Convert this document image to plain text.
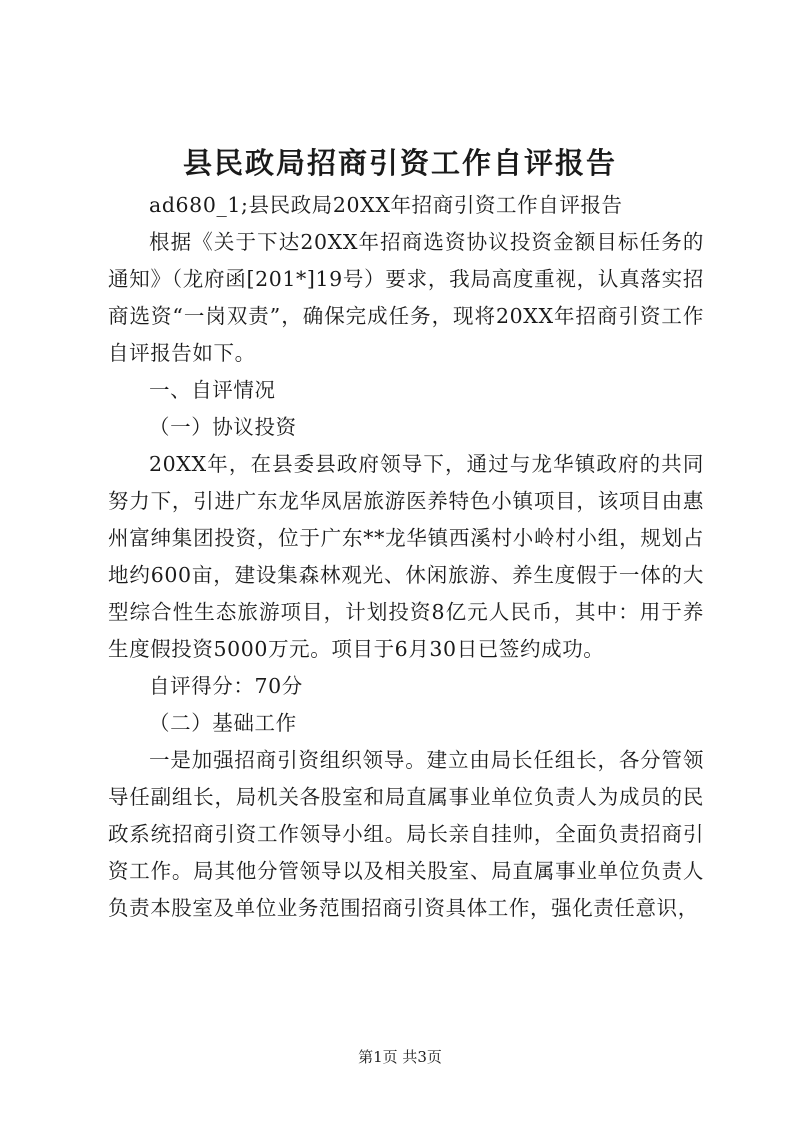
县民政局招商引资工作自评报告

ad680_1;县民政局20XX年招商引资工作自评报告

根据《关于下达20XX年招商选资协议投资金额目标任务的通知》（龙府函[201*]19号）要求，我局高度重视，认真落实招商选资“一岗双责”，确保完成任务，现将20XX年招商引资工作自评报告如下。

一、自评情况

（一）协议投资

20XX年，在县委县政府领导下，通过与龙华镇政府的共同努力下，引进广东龙华凤居旅游医养特色小镇项目，该项目由惠州富绅集团投资，位于广东**龙华镇西溪村小岭村小组，规划占地约600亩，建设集森林观光、休闲旅游、养生度假于一体的大型综合性生态旅游项目，计划投资8亿元人民币，其中：用于养生度假投资5000万元。项目于6月30日已签约成功。

自评得分：70分

（二）基础工作

一是加强招商引资组织领导。建立由局长任组长，各分管领导任副组长，局机关各股室和局直属事业单位负责人为成员的民政系统招商引资工作领导小组。局长亲自挂帅，全面负责招商引资工作。局其他分管领导以及相关股室、局直属事业单位负责人负责本股室及单位业务范围招商引资具体工作，强化责任意识，

第1页 共3页
